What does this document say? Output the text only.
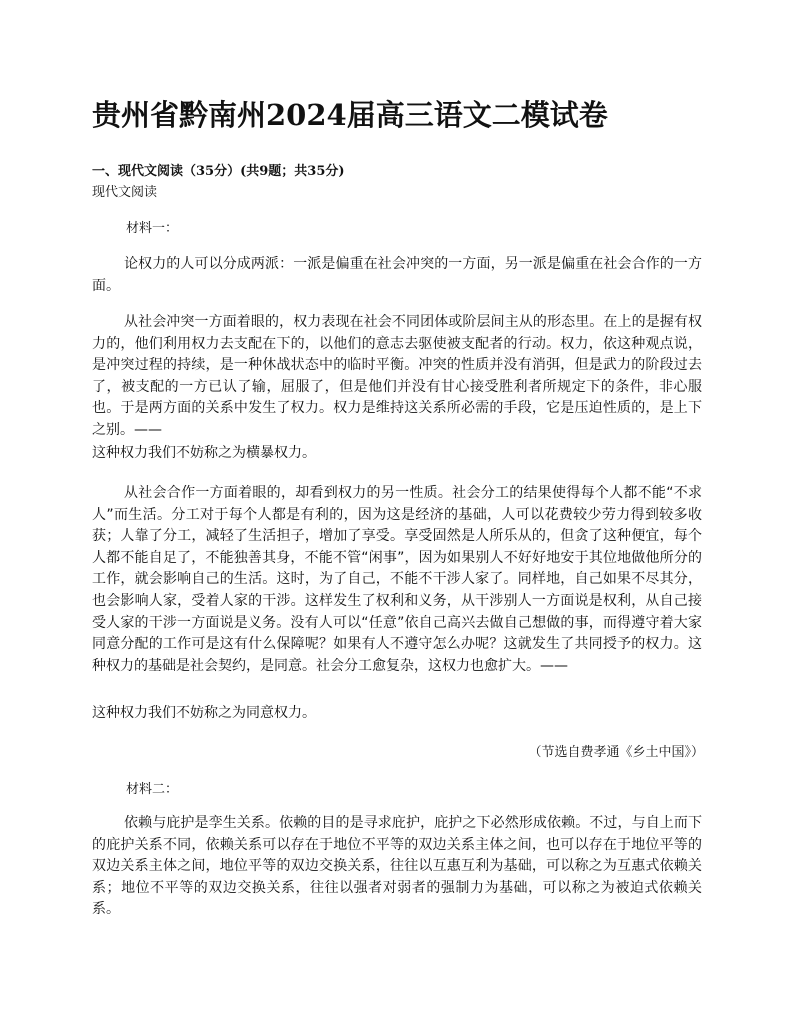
贵州省黔南州2024届高三语文二模试卷
一、现代文阅读（35分）(共9题；共35分)
现代文阅读
材料一：
论权力的人可以分成两派：一派是偏重在社会冲突的一方面，另一派是偏重在社会合作的一方面。
从社会冲突一方面着眼的，权力表现在社会不同团体或阶层间主从的形态里。在上的是握有权力的，他们利用权力去支配在下的，以他们的意志去驱使被支配者的行动。权力，依这种观点说，是冲突过程的持续，是一种休战状态中的临时平衡。冲突的性质并没有消弭，但是武力的阶段过去了，被支配的一方已认了输，屈服了，但是他们并没有甘心接受胜利者所规定下的条件，非心服也。于是两方面的关系中发生了权力。权力是维持这关系所必需的手段，它是压迫性质的，是上下之别。——
这种权力我们不妨称之为横暴权力。
从社会合作一方面着眼的，却看到权力的另一性质。社会分工的结果使得每个人都不能“不求人”而生活。分工对于每个人都是有利的，因为这是经济的基础，人可以花费较少劳力得到较多收获；人靠了分工，减轻了生活担子，增加了享受。享受固然是人所乐从的，但贪了这种便宜，每个人都不能自足了，不能独善其身，不能不管“闲事”，因为如果别人不好好地安于其位地做他所分的工作，就会影响自己的生活。这时，为了自己，不能不干涉人家了。同样地，自己如果不尽其分，也会影响人家，受着人家的干涉。这样发生了权利和义务，从干涉别人一方面说是权利，从自己接受人家的干涉一方面说是义务。没有人可以“任意”依自己高兴去做自己想做的事，而得遵守着大家同意分配的工作可是这有什么保障呢？如果有人不遵守怎么办呢？这就发生了共同授予的权力。这种权力的基础是社会契约，是同意。社会分工愈复杂，这权力也愈扩大。——
这种权力我们不妨称之为同意权力。
（节选自费孝通《乡土中国》）
材料二：
依赖与庇护是孪生关系。依赖的目的是寻求庇护，庇护之下必然形成依赖。不过，与自上而下的庇护关系不同，依赖关系可以存在于地位不平等的双边关系主体之间，也可以存在于地位平等的双边关系主体之间，地位平等的双边交换关系，往往以互惠互利为基础，可以称之为互惠式依赖关系；地位不平等的双边交换关系，往往以强者对弱者的强制力为基础，可以称之为被迫式依赖关系。
